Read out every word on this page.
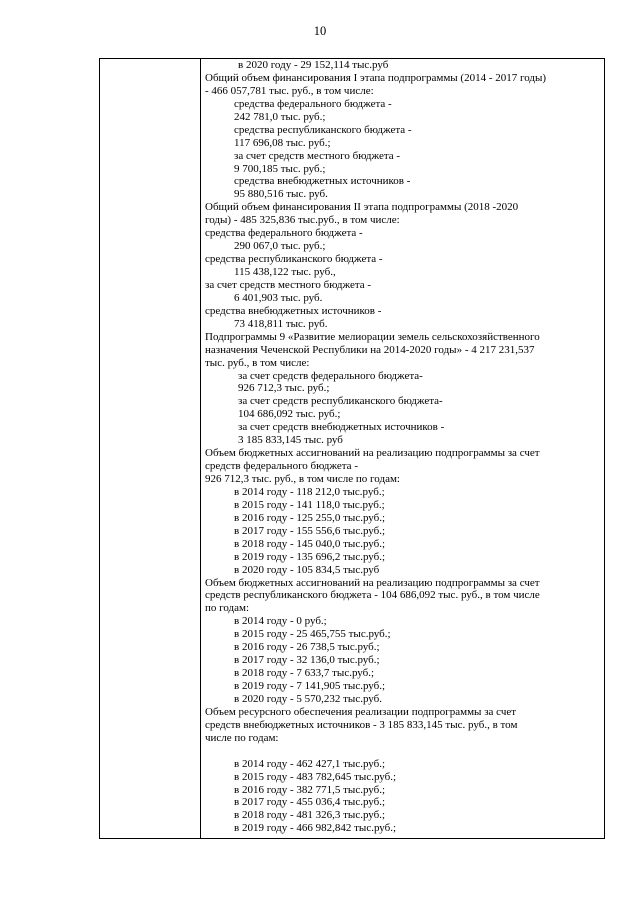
10
в 2020 году - 29 152,114 тыс.руб
Общий объем финансирования I этапа подпрограммы (2014 - 2017 годы)
- 466 057,781 тыс. руб., в том числе:
средства федерального бюджета -
242 781,0 тыс. руб.;
средства республиканского бюджета -
117 696,08 тыс. руб.;
за счет средств местного бюджета -
9 700,185 тыс. руб.;
средства внебюджетных источников -
95 880,516 тыс. руб.
Общий объем финансирования II этапа подпрограммы (2018 -2020
годы) - 485 325,836 тыс.руб., в том числе:
средства федерального бюджета -
290 067,0 тыс. руб.;
средства республиканского бюджета -
115 438,122 тыс. руб.,
за счет средств местного бюджета -
6 401,903 тыс. руб.
средства внебюджетных источников -
73 418,811 тыс. руб.
Подпрограммы 9 «Развитие мелиорации земель сельскохозяйственного
назначения Чеченской Республики на 2014-2020 годы» - 4 217 231,537
тыс. руб., в том числе:
за счет средств федерального бюджета-
926 712,3 тыс. руб.;
за счет средств республиканского бюджета-
104 686,092 тыс. руб.;
за счет средств внебюджетных источников -
3 185 833,145 тыс. руб
Объем бюджетных ассигнований на реализацию подпрограммы за счет
средств федерального бюджета -
926 712,3 тыс. руб., в том числе по годам:
в 2014 году - 118 212,0 тыс.руб.;
в 2015 году - 141 118,0 тыс.руб.;
в 2016 году - 125 255,0 тыс.руб.;
в 2017 году - 155 556,6 тыс.руб.;
в 2018 году - 145 040,0 тыс.руб.;
в 2019 году - 135 696,2 тыс.руб.;
в 2020 году - 105 834,5 тыс.руб
Объем бюджетных ассигнований на реализацию подпрограммы за счет
средств республиканского бюджета - 104 686,092 тыс. руб., в том числе
по годам:
в 2014 году - 0 руб.;
в 2015 году - 25 465,755 тыс.руб.;
в 2016 году - 26 738,5 тыс.руб.;
в 2017 году - 32 136,0 тыс.руб.;
в 2018 году - 7 633,7 тыс.руб.;
в 2019 году - 7 141,905 тыс.руб.;
в 2020 году - 5 570,232 тыс.руб.
Объем ресурсного обеспечения реализации подпрограммы за счет
средств внебюджетных источников - 3 185 833,145 тыс. руб., в том
числе по годам:
в 2014 году - 462 427,1 тыс.руб.;
в 2015 году - 483 782,645 тыс.руб.;
в 2016 году - 382 771,5 тыс.руб.;
в 2017 году - 455 036,4 тыс.руб.;
в 2018 году - 481 326,3 тыс.руб.;
в 2019 году - 466 982,842 тыс.руб.;
